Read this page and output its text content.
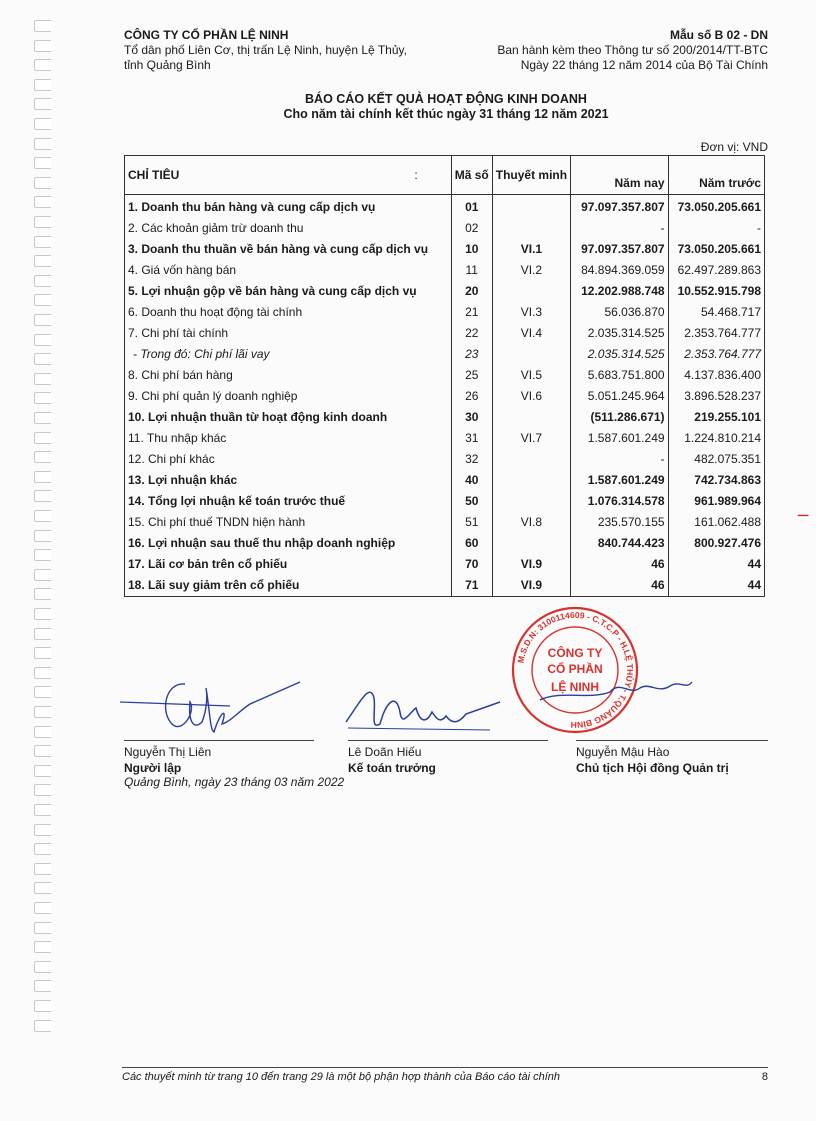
CÔNG TY CỔ PHẦN LỆ NINH
Tổ dân phố Liên Cơ, thị trấn Lệ Ninh, huyện Lệ Thủy,
tỉnh Quảng Bình
Mẫu số B 02 - DN
Ban hành kèm theo Thông tư số 200/2014/TT-BTC
Ngày 22 tháng 12 năm 2014 của Bộ Tài Chính
BÁO CÁO KẾT QUẢ HOẠT ĐỘNG KINH DOANH
Cho năm tài chính kết thúc ngày 31 tháng 12 năm 2021
Đơn vị: VND
CHỈ TIÊU :	Mã số	Thuyết minh	Năm nay	Năm trước
1. Doanh thu bán hàng và cung cấp dịch vụ	01		97.097.357.807	73.050.205.661
2. Các khoản giảm trừ doanh thu	02		-	-
3. Doanh thu thuần về bán hàng và cung cấp dịch vụ	10	VI.1	97.097.357.807	73.050.205.661
4. Giá vốn hàng bán	11	VI.2	84.894.369.059	62.497.289.863
5. Lợi nhuận gộp về bán hàng và cung cấp dịch vụ	20		12.202.988.748	10.552.915.798
6. Doanh thu hoạt động tài chính	21	VI.3	56.036.870	54.468.717
7. Chi phí tài chính	22	VI.4	2.035.314.525	2.353.764.777
- Trong đó: Chi phí lãi vay	23		2.035.314.525	2.353.764.777
8. Chi phí bán hàng	25	VI.5	5.683.751.800	4.137.836.400
9. Chi phí quản lý doanh nghiệp	26	VI.6	5.051.245.964	3.896.528.237
10. Lợi nhuận thuần từ hoạt động kinh doanh	30		(511.286.671)	219.255.101
11. Thu nhập khác	31	VI.7	1.587.601.249	1.224.810.214
12. Chi phí khác	32		-	482.075.351
13. Lợi nhuận khác	40		1.587.601.249	742.734.863
14. Tổng lợi nhuận kế toán trước thuế	50		1.076.314.578	961.989.964
15. Chi phí thuế TNDN hiện hành	51	VI.8	235.570.155	161.062.488
16. Lợi nhuận sau thuế thu nhập doanh nghiệp	60		840.744.423	800.927.476
17. Lãi cơ bản trên cổ phiếu	70	VI.9	46	44
18. Lãi suy giảm trên cổ phiếu	71	VI.9	46	44
M.S.D.N: 3100114609 - C.T.C.P - H.LỆ THỦY - T.QUẢNG BÌNH
CÔNG TY
CỔ PHẦN
LỆ NINH
Nguyễn Thị Liên
Người lập
Lê Doãn Hiếu
Kế toán trưởng
Nguyễn Mậu Hào
Chủ tịch Hội đồng Quản trị
Quảng Bình, ngày 23 tháng 03 năm 2022
Các thuyết minh từ trang 10 đến trang 29 là một bộ phận hợp thành của Báo cáo tài chính	8
┃
